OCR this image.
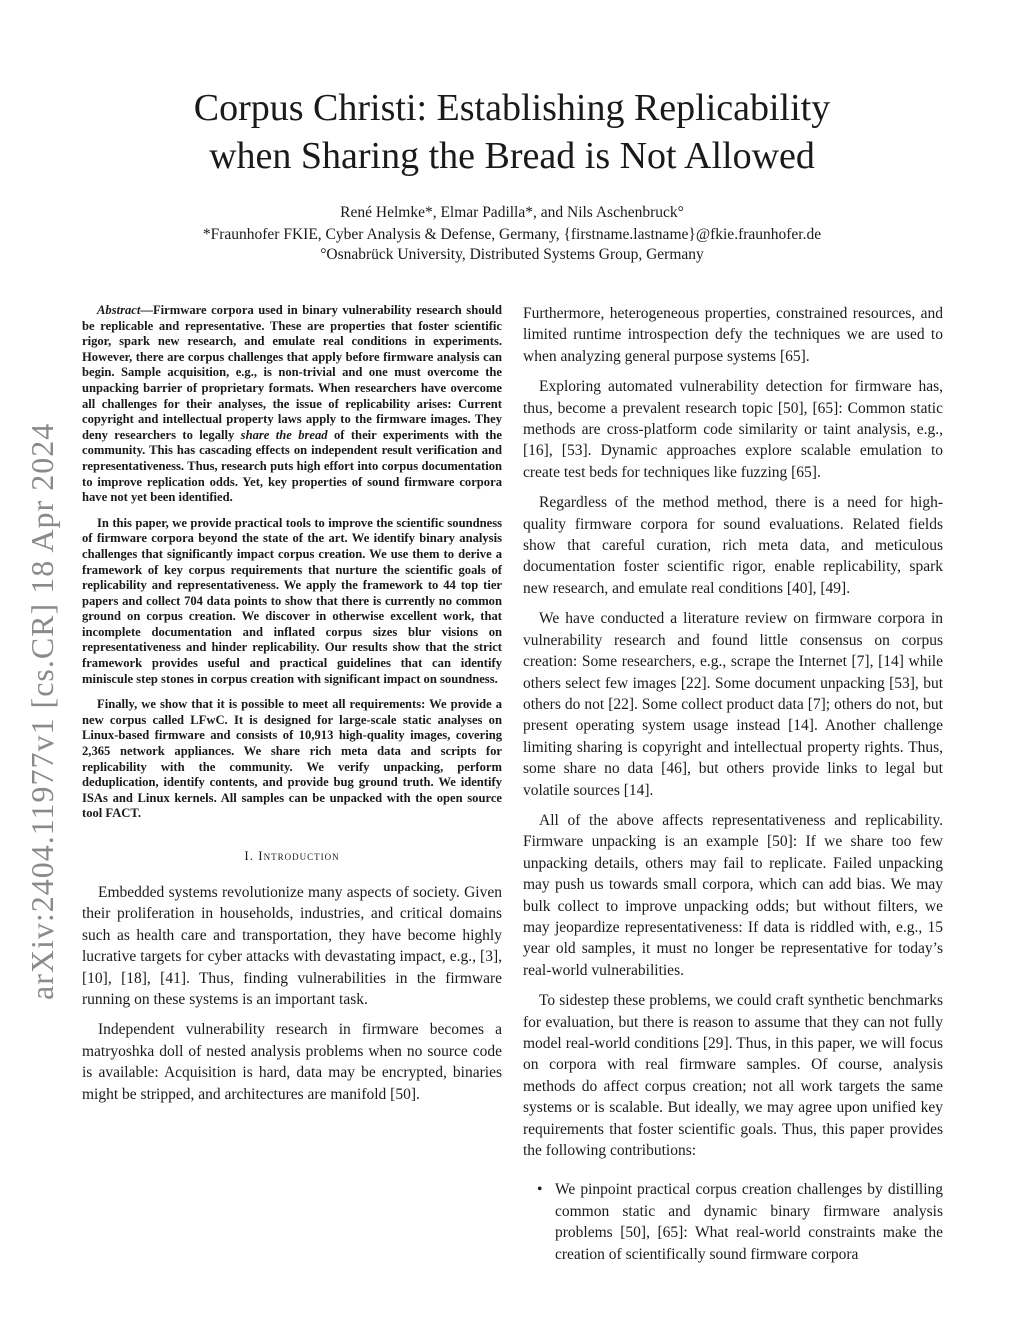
arXiv:2404.11977v1 [cs.CR] 18 Apr 2024
Corpus Christi: Establishing Replicability
when Sharing the Bread is Not Allowed

René Helmke*, Elmar Padilla*, and Nils Aschenbruck°

*Fraunhofer FKIE, Cyber Analysis & Defense, Germany, {firstname.lastname}@fkie.fraunhofer.de

°Osnabrück University, Distributed Systems Group, Germany

Abstract—Firmware corpora used in binary vulnerability research should be replicable and representative. These are properties that foster scientific rigor, spark new research, and emulate real conditions in experiments. However, there are corpus challenges that apply before firmware analysis can begin. Sample acquisition, e.g., is non-trivial and one must overcome the unpacking barrier of proprietary formats. When researchers have overcome all challenges for their analyses, the issue of replicability arises: Current copyright and intellectual property laws apply to the firmware images. They deny researchers to legally share the bread of their experiments with the community. This has cascading effects on independent result verification and representativeness. Thus, research puts high effort into corpus documentation to improve replication odds. Yet, key properties of sound firmware corpora have not yet been identified.

In this paper, we provide practical tools to improve the scientific soundness of firmware corpora beyond the state of the art. We identify binary analysis challenges that significantly impact corpus creation. We use them to derive a framework of key corpus requirements that nurture the scientific goals of replicability and representativeness. We apply the framework to 44 top tier papers and collect 704 data points to show that there is currently no common ground on corpus creation. We discover in otherwise excellent work, that incomplete documentation and inflated corpus sizes blur visions on representativeness and hinder replicability. Our results show that the strict framework provides useful and practical guidelines that can identify miniscule step stones in corpus creation with significant impact on soundness.

Finally, we show that it is possible to meet all requirements: We provide a new corpus called LFwC. It is designed for large-scale static analyses on Linux-based firmware and consists of 10,913 high-quality images, covering 2,365 network appliances. We share rich meta data and scripts for replicability with the community. We verify unpacking, perform deduplication, identify contents, and provide bug ground truth. We identify ISAs and Linux kernels. All samples can be unpacked with the open source tool FACT.

I. Introduction

Embedded systems revolutionize many aspects of society. Given their proliferation in households, industries, and critical domains such as health care and transportation, they have become highly lucrative targets for cyber attacks with devastating impact, e.g., [3], [10], [18], [41]. Thus, finding vulnerabilities in the firmware running on these systems is an important task.

Independent vulnerability research in firmware becomes a matryoshka doll of nested analysis problems when no source code is available: Acquisition is hard, data may be encrypted, binaries might be stripped, and architectures are manifold [50].

Furthermore, heterogeneous properties, constrained resources, and limited runtime introspection defy the techniques we are used to when analyzing general purpose systems [65].

Exploring automated vulnerability detection for firmware has, thus, become a prevalent research topic [50], [65]: Common static methods are cross-platform code similarity or taint analysis, e.g., [16], [53]. Dynamic approaches explore scalable emulation to create test beds for techniques like fuzzing [65].

Regardless of the method method, there is a need for high-quality firmware corpora for sound evaluations. Related fields show that careful curation, rich meta data, and meticulous documentation foster scientific rigor, enable replicability, spark new research, and emulate real conditions [40], [49].

We have conducted a literature review on firmware corpora in vulnerability research and found little consensus on corpus creation: Some researchers, e.g., scrape the Internet [7], [14] while others select few images [22]. Some document unpacking [53], but others do not [22]. Some collect product data [7]; others do not, but present operating system usage instead [14]. Another challenge limiting sharing is copyright and intellectual property rights. Thus, some share no data [46], but others provide links to legal but volatile sources [14].

All of the above affects representativeness and replicability. Firmware unpacking is an example [50]: If we share too few unpacking details, others may fail to replicate. Failed unpacking may push us towards small corpora, which can add bias. We may bulk collect to improve unpacking odds; but without filters, we may jeopardize representativeness: If data is riddled with, e.g., 15 year old samples, it must no longer be representative for today’s real-world vulnerabilities.

To sidestep these problems, we could craft synthetic benchmarks for evaluation, but there is reason to assume that they can not fully model real-world conditions [29]. Thus, in this paper, we will focus on corpora with real firmware samples. Of course, analysis methods do affect corpus creation; not all work targets the same systems or is scalable. But ideally, we may agree upon unified key requirements that foster scientific goals. Thus, this paper provides the following contributions:

• We pinpoint practical corpus creation challenges by distilling common static and dynamic binary firmware analysis problems [50], [65]: What real-world constraints make the creation of scientifically sound firmware corpora
